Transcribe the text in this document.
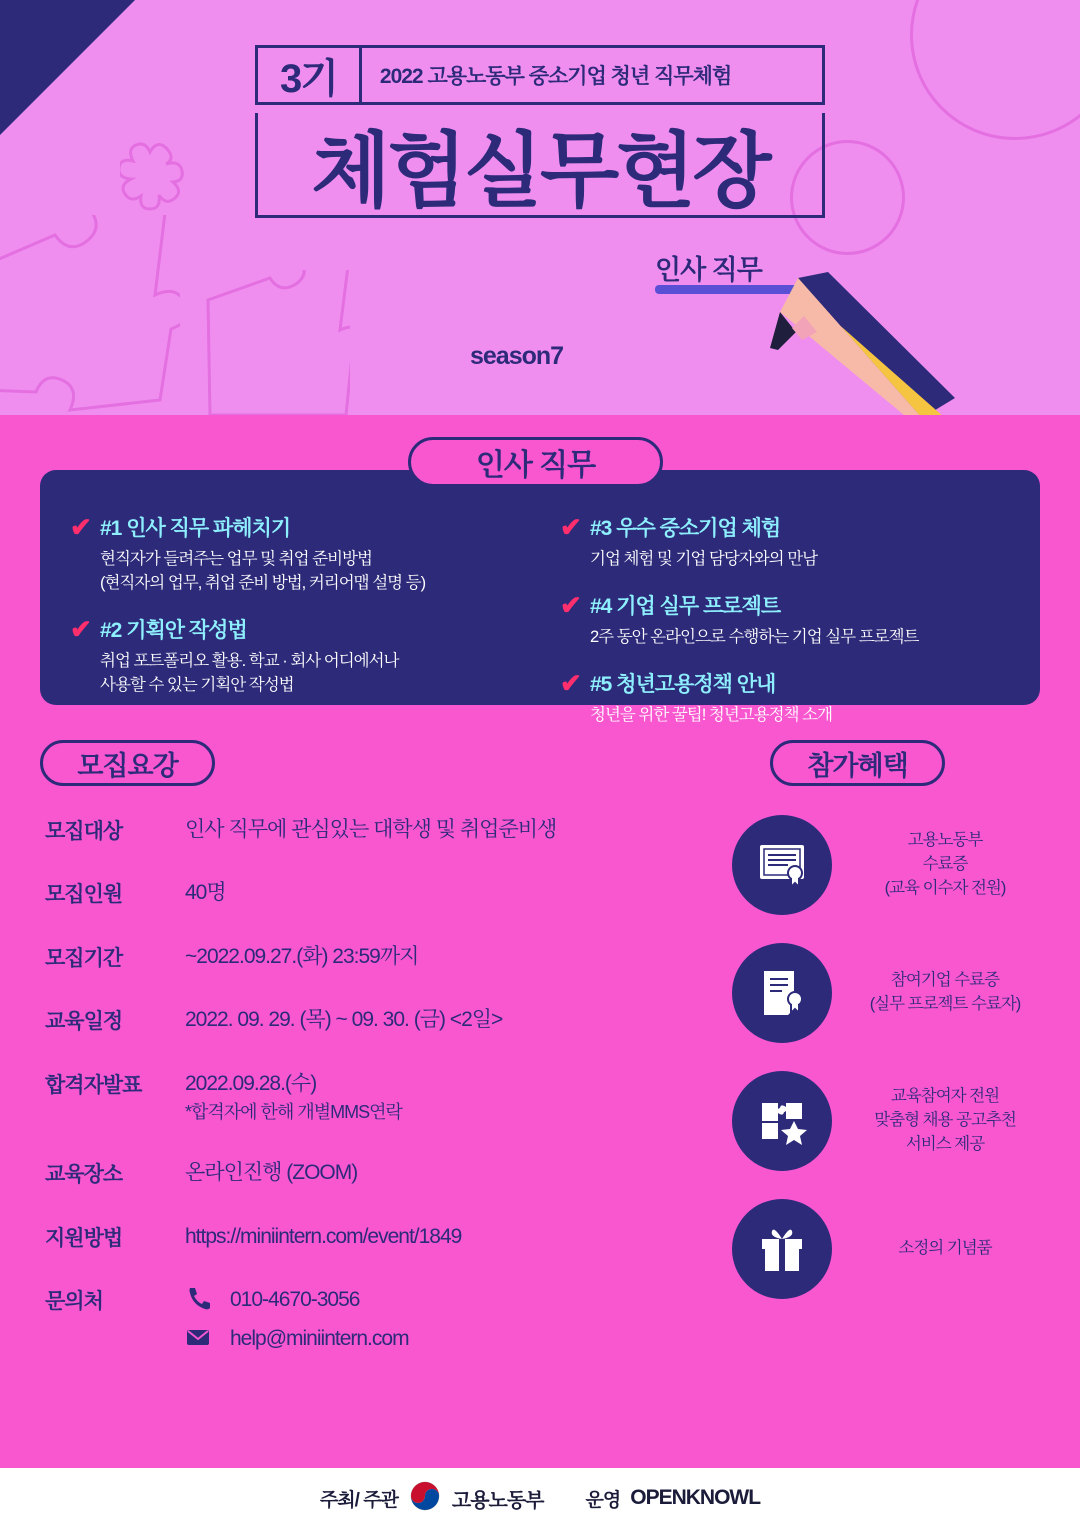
3기	2022 고용노동부 중소기업 청년 직무체험
체험실무현장
인사 직무
season7
인사 직무
✔ #1 인사 직무 파헤치기
현직자가 들려주는 업무 및 취업 준비방법
(현직자의 업무, 취업 준비 방법, 커리어맵 설명 등)
✔ #2 기획안 작성법
취업 포트폴리오 활용. 학교 · 회사 어디에서나
사용할 수 있는 기획안 작성법
✔ #3 우수 중소기업 체험
기업 체험 및 기업 담당자와의 만남
✔ #4 기업 실무 프로젝트
2주 동안 온라인으로 수행하는 기업 실무 프로젝트
✔ #5 청년고용정책 안내
청년을 위한 꿀팁! 청년고용정책 소개
모집요강	참가혜택
모집대상	인사 직무에 관심있는 대학생 및 취업준비생
모집인원	40명
모집기간	~2022.09.27.(화) 23:59까지
교육일정	2022. 09. 29. (목) ~ 09. 30. (금) <2일>
합격자발표	2022.09.28.(수)
*합격자에 한해 개별MMS연락
교육장소	온라인진행 (ZOOM)
지원방법	https://miniintern.com/event/1849
문의처	010-4670-3056
help@miniintern.com
고용노동부
수료증
(교육 이수자 전원)
참여기업 수료증
(실무 프로젝트 수료자)
교육참여자 전원
맞춤형 채용 공고추천
서비스 제공
소정의 기념품
주최/ 주관	고용노동부 운영 OPENKNOWL
